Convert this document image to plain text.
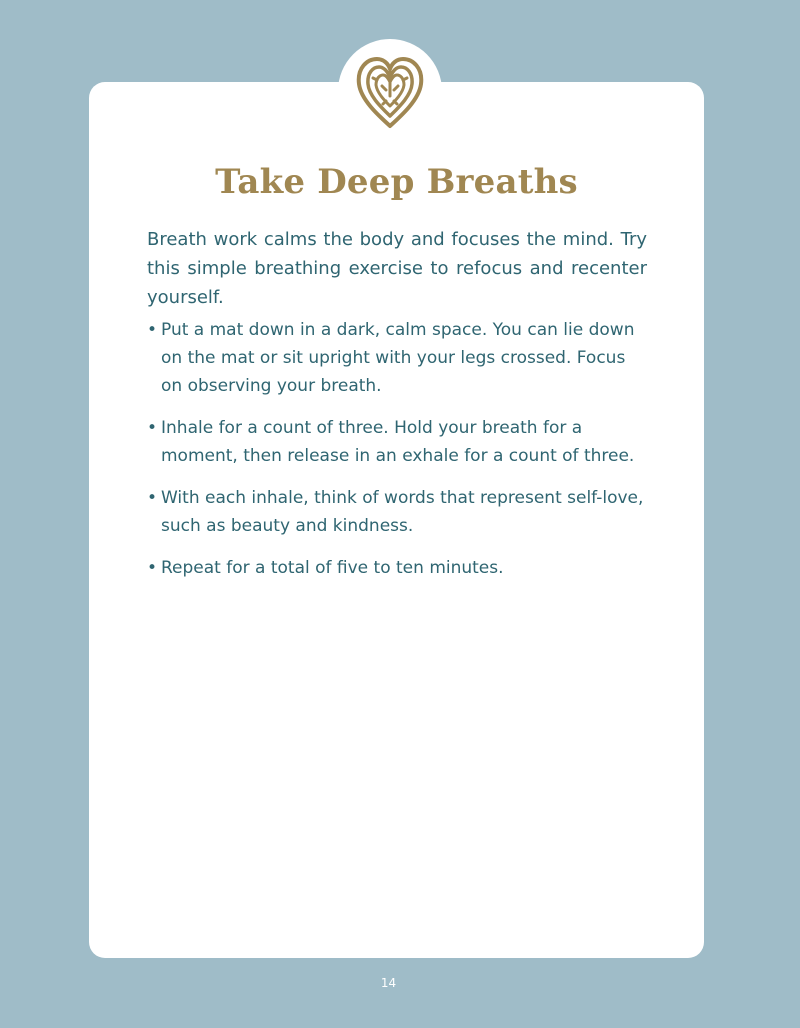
Take Deep Breaths

Breath work calms the body and focuses the mind. Try this simple breathing exercise to refocus and recenter yourself.

• Put a mat down in a dark, calm space. You can lie down on the mat or sit upright with your legs crossed. Focus on observing your breath.
• Inhale for a count of three. Hold your breath for a moment, then release in an exhale for a count of three.
• With each inhale, think of words that represent self-love, such as beauty and kindness.
• Repeat for a total of five to ten minutes.
14
